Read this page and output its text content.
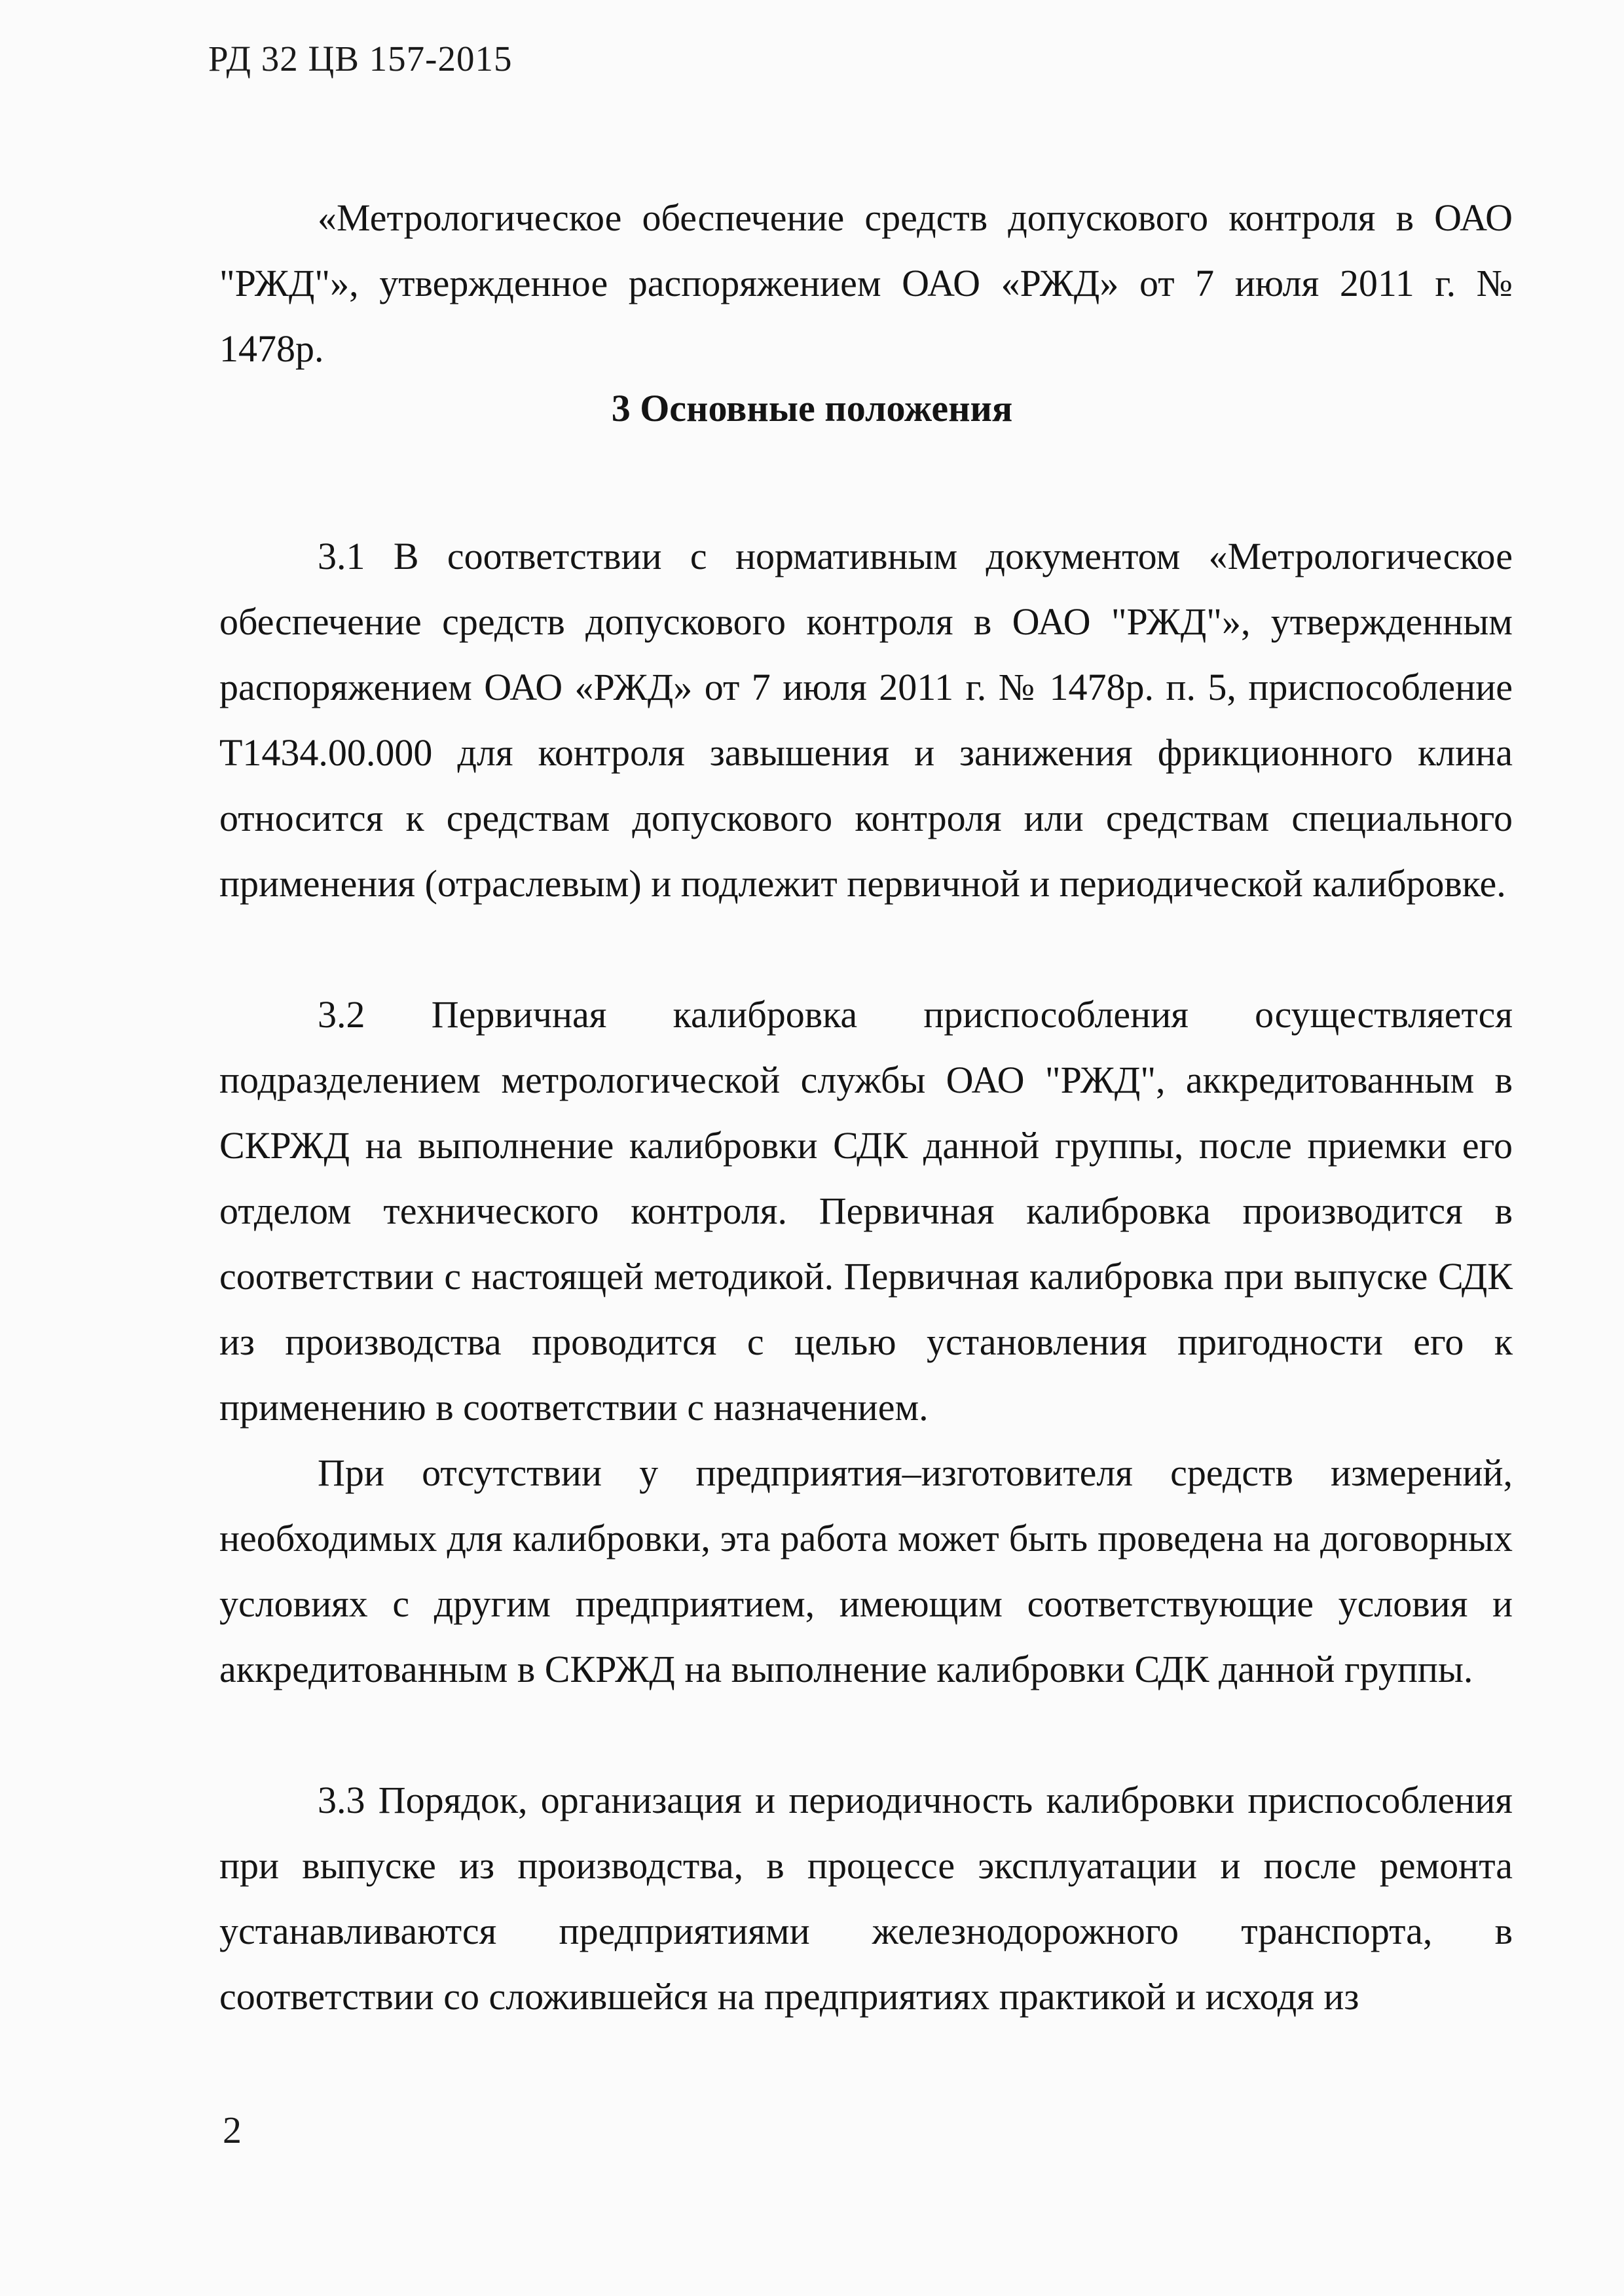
РД 32 ЦВ 157-2015

«Метрологическое обеспечение средств допускового контроля в ОАО "РЖД"», утвержденное распоряжением ОАО «РЖД» от 7 июля 2011 г. № 1478р.

3 Основные положения

3.1 В соответствии с нормативным документом «Метрологическое обеспечение средств допускового контроля в ОАО "РЖД"», утвержденным распоряжением ОАО «РЖД» от 7 июля 2011 г. № 1478р. п. 5, приспособление Т1434.00.000 для контроля завышения и занижения фрикционного клина относится к средствам допускового контроля или средствам специального применения (отраслевым) и подлежит первичной и периодической калибровке.

3.2 Первичная калибровка приспособления осуществляется подразделением метрологической службы ОАО "РЖД", аккредитованным в СКРЖД на выполнение калибровки СДК данной группы, после приемки его отделом технического контроля. Первичная калибровка производится в соответствии с настоящей методикой. Первичная калибровка при выпуске СДК из производства проводится с целью установления пригодности его к применению в соответствии с назначением.

При отсутствии у предприятия–изготовителя средств измерений, необходимых для калибровки, эта работа может быть проведена на договорных условиях с другим предприятием, имеющим соответствующие условия и аккредитованным в СКРЖД на выполнение калибровки СДК данной группы.

3.3 Порядок, организация и периодичность калибровки приспособления при выпуске из производства, в процессе эксплуатации и после ремонта устанавливаются предприятиями железнодорожного транспорта, в соответствии со сложившейся на предприятиях практикой и исходя из

2
